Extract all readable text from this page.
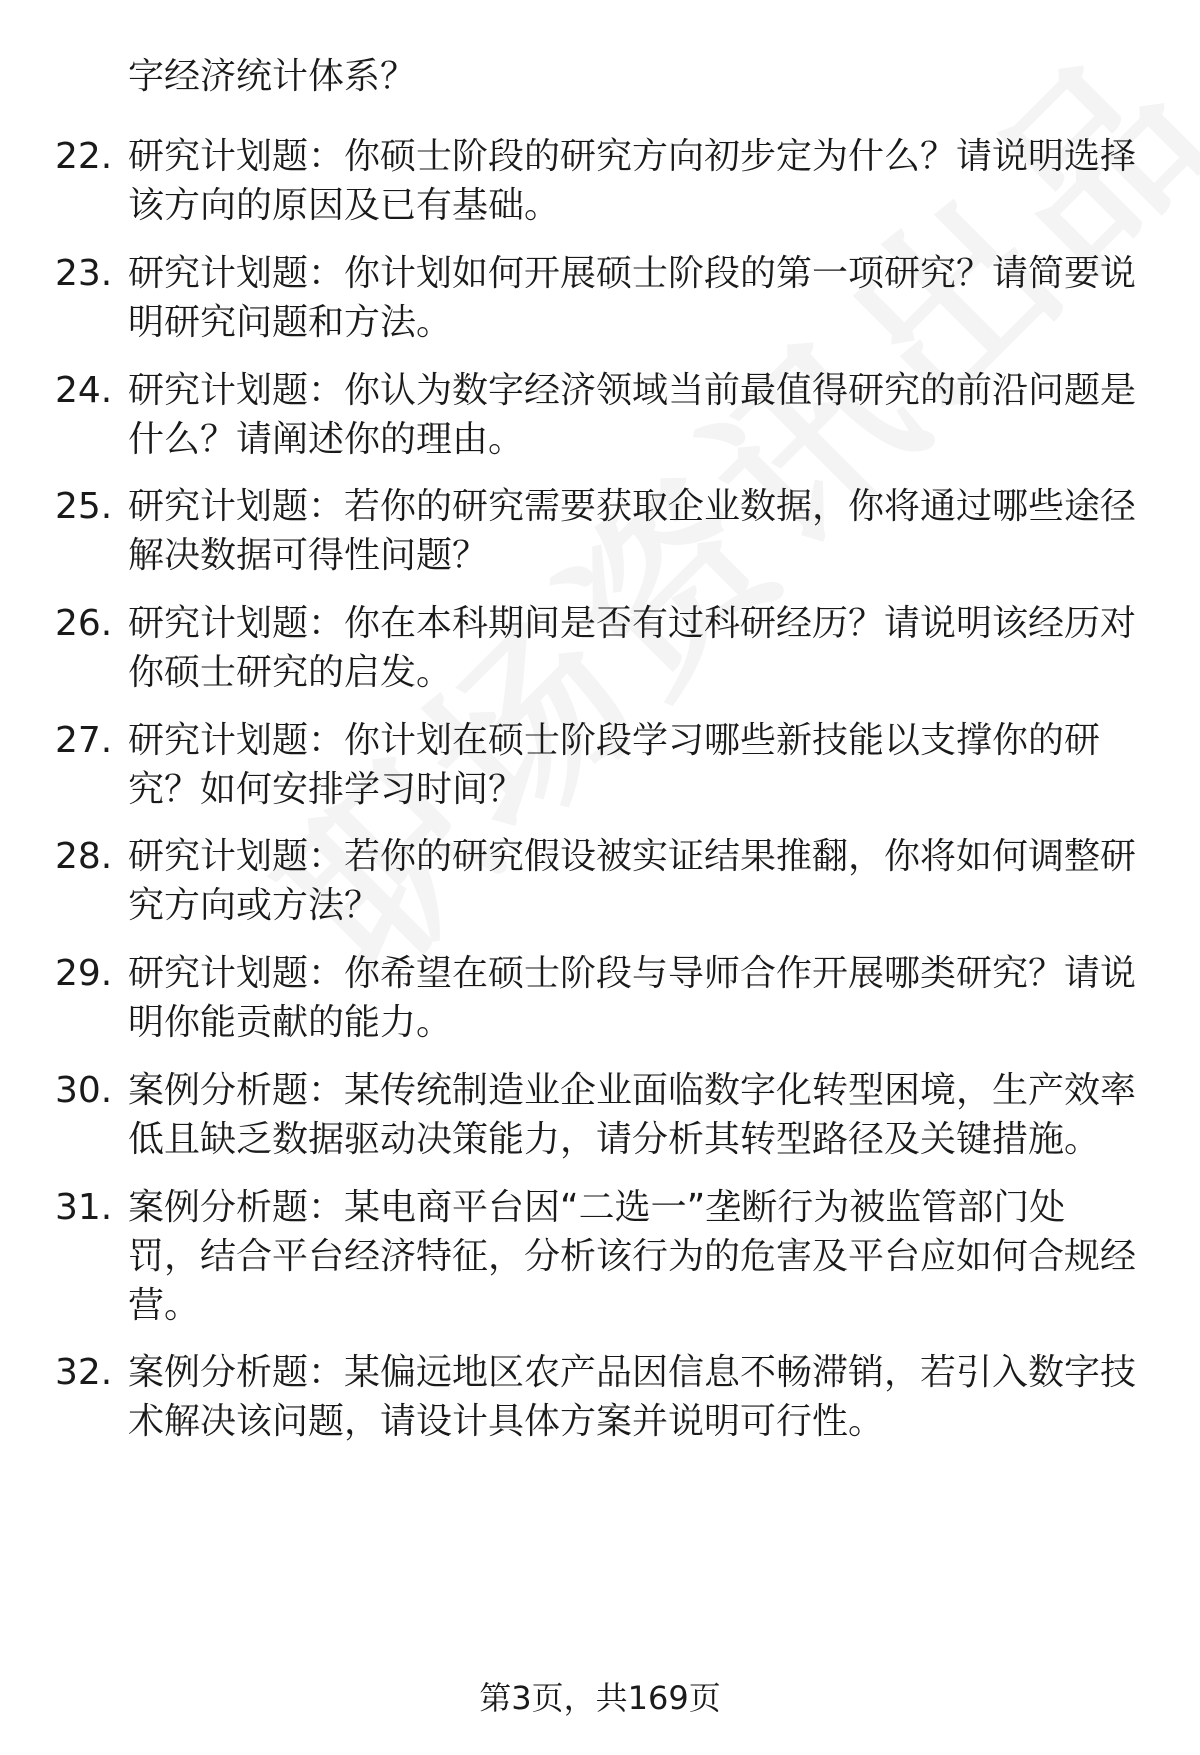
字经济统计体系？
22. 研究计划题：你硕士阶段的研究方向初步定为什么？请说明选择
该方向的原因及已有基础。
23. 研究计划题：你计划如何开展硕士阶段的第一项研究？请简要说
明研究问题和方法。
24. 研究计划题：你认为数字经济领域当前最值得研究的前沿问题是
什么？请阐述你的理由。
25. 研究计划题：若你的研究需要获取企业数据，你将通过哪些途径
解决数据可得性问题？
26. 研究计划题：你在本科期间是否有过科研经历？请说明该经历对
你硕士研究的启发。
27. 研究计划题：你计划在硕士阶段学习哪些新技能以支撑你的研
究？如何安排学习时间？
28. 研究计划题：若你的研究假设被实证结果推翻，你将如何调整研
究方向或方法？
29. 研究计划题：你希望在硕士阶段与导师合作开展哪类研究？请说
明你能贡献的能力。
30. 案例分析题：某传统制造业企业面临数字化转型困境，生产效率
低且缺乏数据驱动决策能力，请分析其转型路径及关键措施。
31. 案例分析题：某电商平台因“二选一”垄断行为被监管部门处
罚，结合平台经济特征，分析该行为的危害及平台应如何合规经
营。
32. 案例分析题：某偏远地区农产品因信息不畅滞销，若引入数字技
术解决该问题，请设计具体方案并说明可行性。
第3页，共169页
